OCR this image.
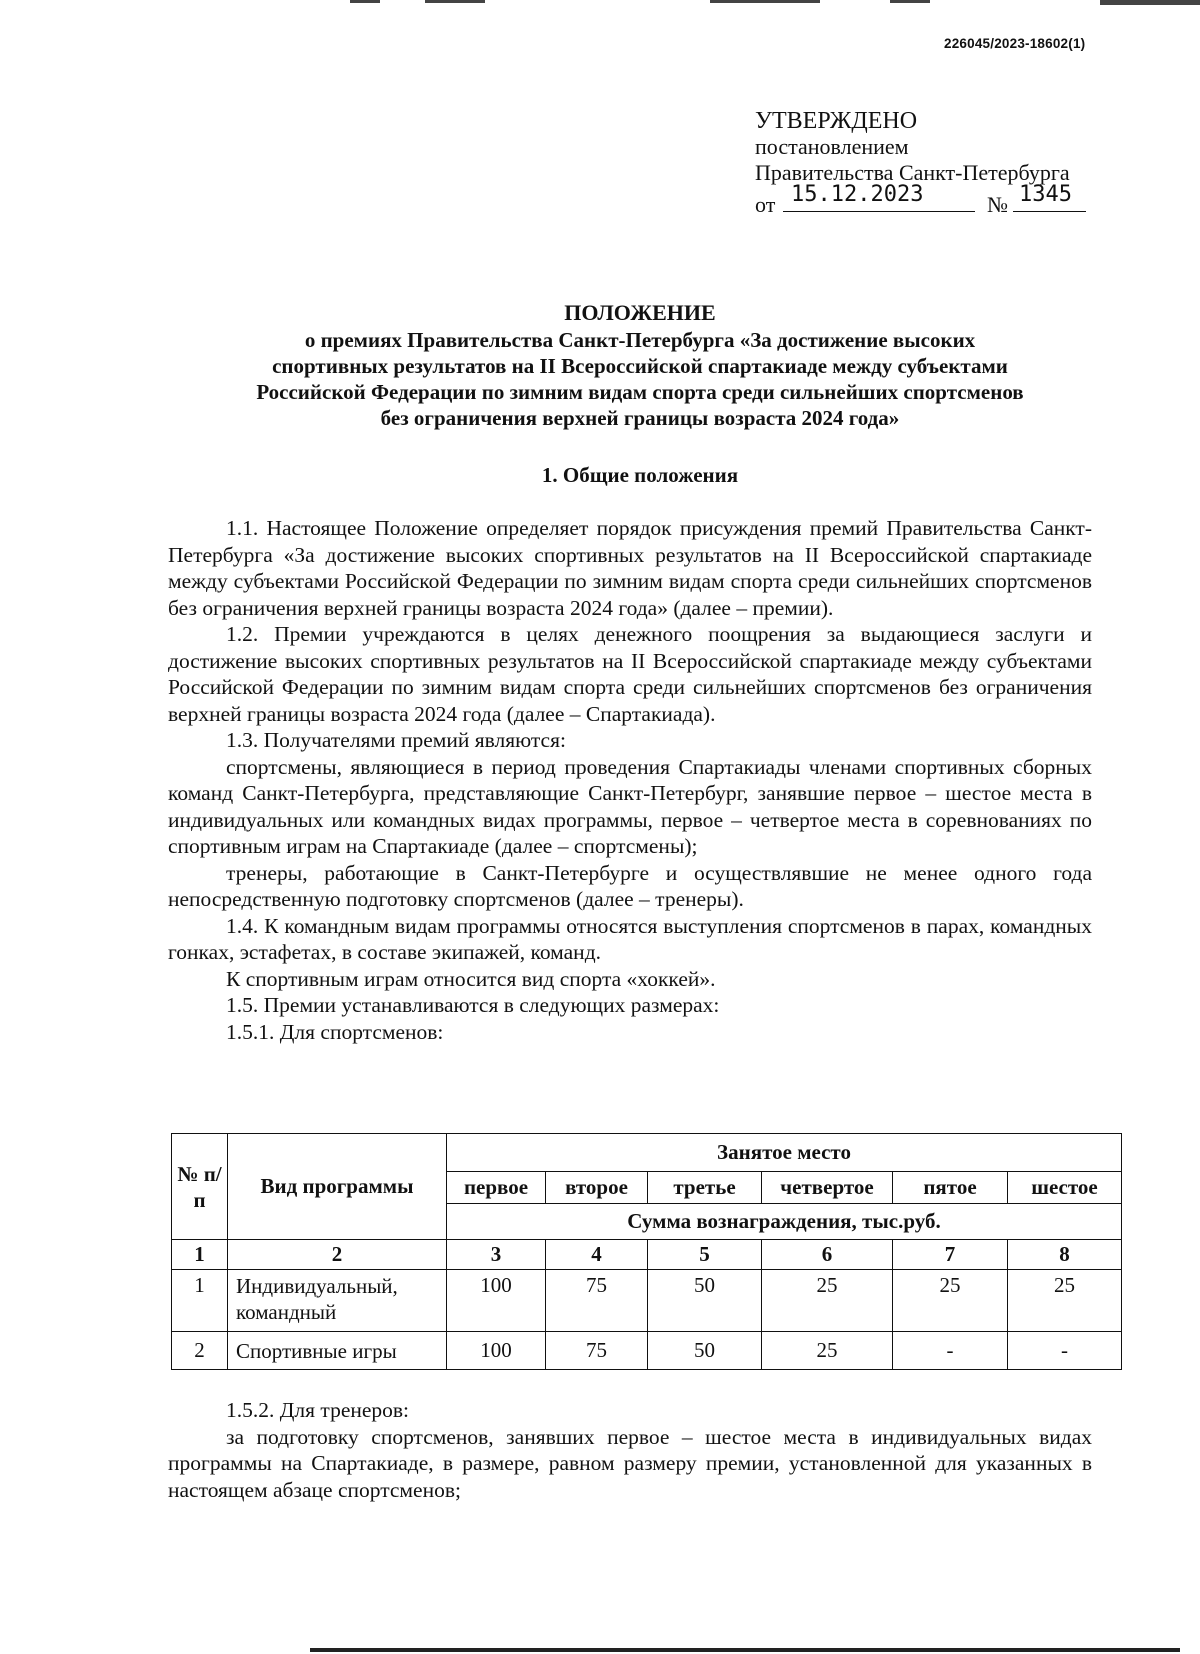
226045/2023-18602(1)
УТВЕРЖДЕНО
постановлением
Правительства Санкт-Петербурга
от 15.12.2023	№ 1345
ПОЛОЖЕНИЕ
о премиях Правительства Санкт-Петербурга «За достижение высоких
спортивных результатов на II Всероссийской спартакиаде между субъектами
Российской Федерации по зимним видам спорта среди сильнейших спортсменов
без ограничения верхней границы возраста 2024 года»
1. Общие положения

1.1. Настоящее Положение определяет порядок присуждения премий Правительства Санкт-Петербурга «За достижение высоких спортивных результатов на II Всероссийской спартакиаде между субъектами Российской Федерации по зимним видам спорта среди сильнейших спортсменов без ограничения верхней границы возраста 2024 года» (далее – премии).

1.2. Премии учреждаются в целях денежного поощрения за выдающиеся заслуги и достижение высоких спортивных результатов на II Всероссийской спартакиаде между субъектами Российской Федерации по зимним видам спорта среди сильнейших спортсменов без ограничения верхней границы возраста 2024 года (далее – Спартакиада).

1.3. Получателями премий являются:

спортсмены, являющиеся в период проведения Спартакиады членами спортивных сборных команд Санкт-Петербурга, представляющие Санкт-Петербург, занявшие первое – шестое места в индивидуальных или командных видах программы, первое – четвертое места в соревнованиях по спортивным играм на Спартакиаде (далее – спортсмены);

тренеры, работающие в Санкт-Петербурге и осуществлявшие не менее одного года непосредственную подготовку спортсменов (далее – тренеры).

1.4. К командным видам программы относятся выступления спортсменов в парах, командных гонках, эстафетах, в составе экипажей, команд.

К спортивным играм относится вид спорта «хоккей».

1.5. Премии устанавливаются в следующих размерах:

1.5.1. Для спортсменов:

№ п/п	Вид программы	Занятое место					
		первое	второе	третье	четвертое	пятое	шестое
		Сумма вознаграждения, тыс.руб.					
1	2	3	4	5	6	7	8
1	Индивидуальный, командный	100	75	50	25	25	25
2	Спортивные игры	100	75	50	25	-	-

1.5.2. Для тренеров:

за подготовку спортсменов, занявших первое – шестое места в индивидуальных видах программы на Спартакиаде, в размере, равном размеру премии, установленной для указанных в настоящем абзаце спортсменов;
